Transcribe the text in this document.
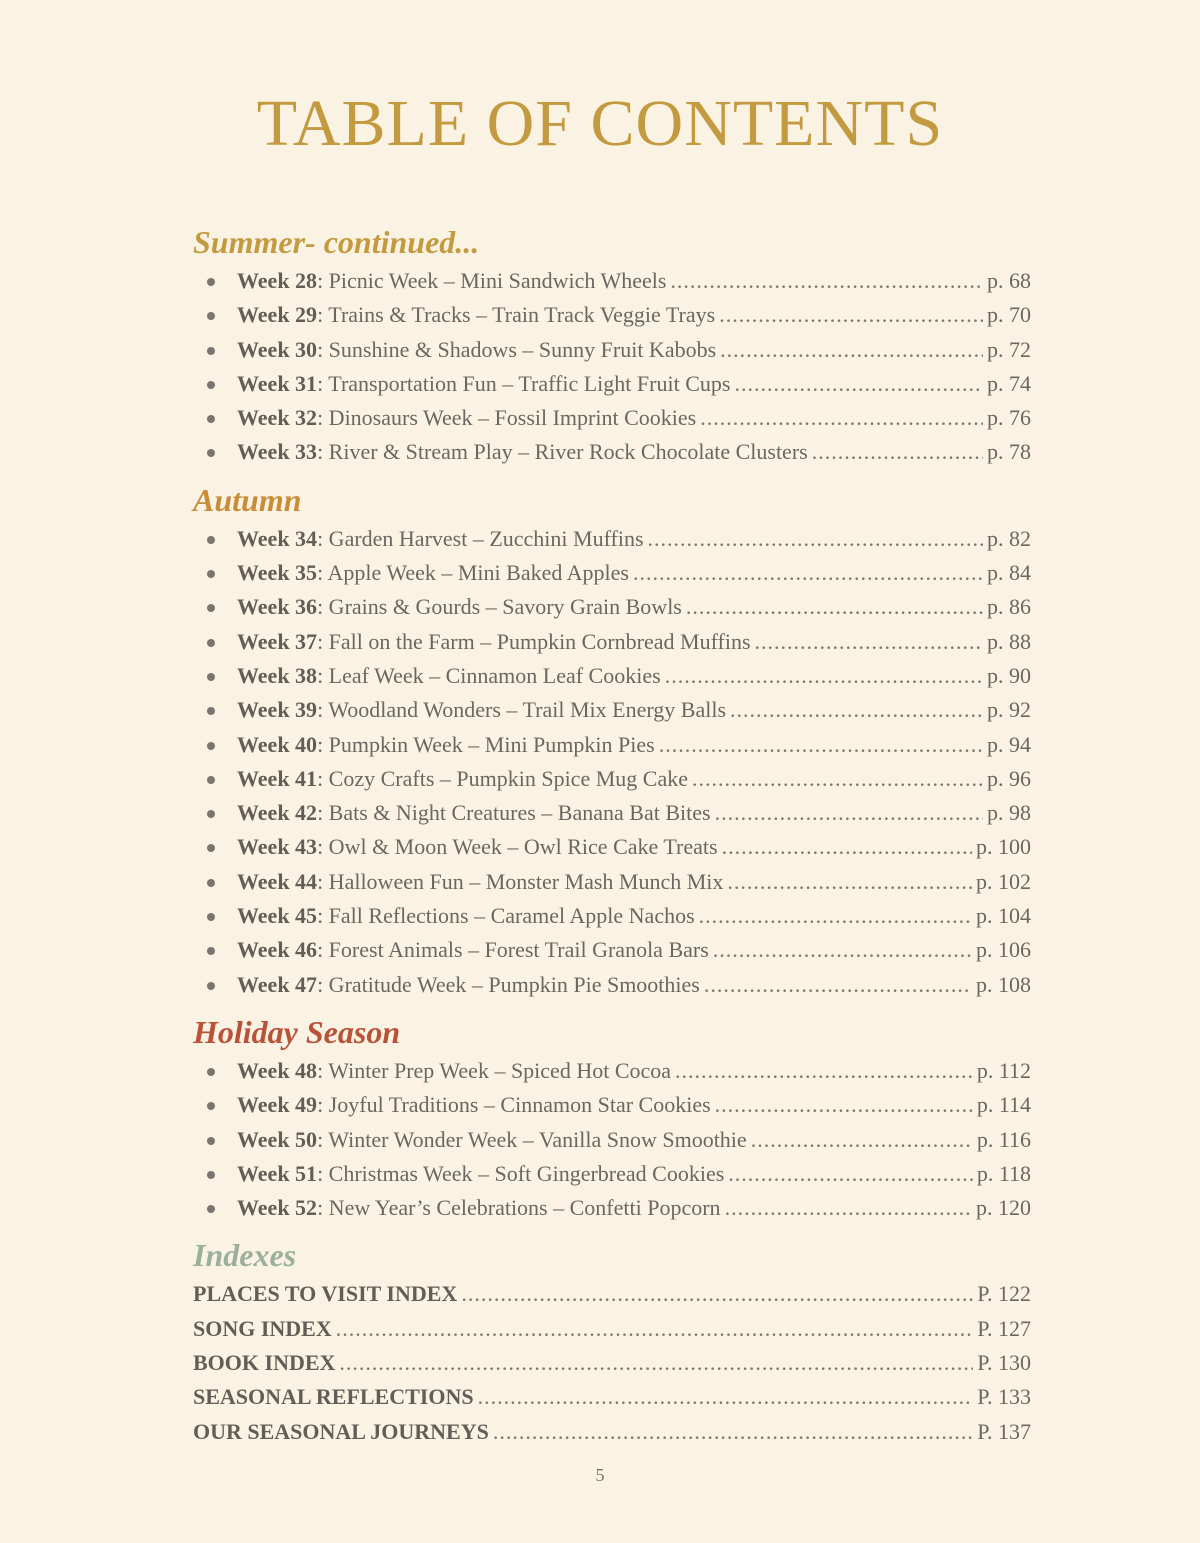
TABLE OF CONTENTS
Summer- continued...
Week 28 : Picnic Week – Mini Sandwich Wheels .....	p. 68
Week 29 : Trains & Tracks – Train Track Veggie Trays .....	p. 70
Week 30 : Sunshine & Shadows – Sunny Fruit Kabobs .....	p. 72
Week 31 : Transportation Fun – Traffic Light Fruit Cups .....	p. 74
Week 32 : Dinosaurs Week – Fossil Imprint Cookies .....	p. 76
Week 33 : River & Stream Play – River Rock Chocolate Clusters .....	p. 78
Autumn
Week 34 : Garden Harvest – Zucchini Muffins .....	p. 82
Week 35 : Apple Week – Mini Baked Apples .....	p. 84
Week 36 : Grains & Gourds – Savory Grain Bowls .....	p. 86
Week 37 : Fall on the Farm – Pumpkin Cornbread Muffins .....	p. 88
Week 38 : Leaf Week – Cinnamon Leaf Cookies .....	p. 90
Week 39 : Woodland Wonders – Trail Mix Energy Balls .....	p. 92
Week 40 : Pumpkin Week – Mini Pumpkin Pies .....	p. 94
Week 41 : Cozy Crafts – Pumpkin Spice Mug Cake .....	p. 96
Week 42 : Bats & Night Creatures – Banana Bat Bites .....	p. 98
Week 43 : Owl & Moon Week – Owl Rice Cake Treats .....	p. 100
Week 44 : Halloween Fun – Monster Mash Munch Mix .....	p. 102
Week 45 : Fall Reflections – Caramel Apple Nachos .....	p. 104
Week 46 : Forest Animals – Forest Trail Granola Bars .....	p. 106
Week 47 : Gratitude Week – Pumpkin Pie Smoothies .....	p. 108
Holiday Season
Week 48 : Winter Prep Week – Spiced Hot Cocoa .....	p. 112
Week 49 : Joyful Traditions – Cinnamon Star Cookies .....	p. 114
Week 50 : Winter Wonder Week – Vanilla Snow Smoothie .....	p. 116
Week 51 : Christmas Week – Soft Gingerbread Cookies .....	p. 118
Week 52 : New Year’s Celebrations – Confetti Popcorn .....	p. 120
Indexes
PLACES TO VISIT INDEX .....	P. 122
SONG INDEX .....	P. 127
BOOK INDEX .....	P. 130
SEASONAL REFLECTIONS .....	P. 133
OUR SEASONAL JOURNEYS .....	P. 137
5
